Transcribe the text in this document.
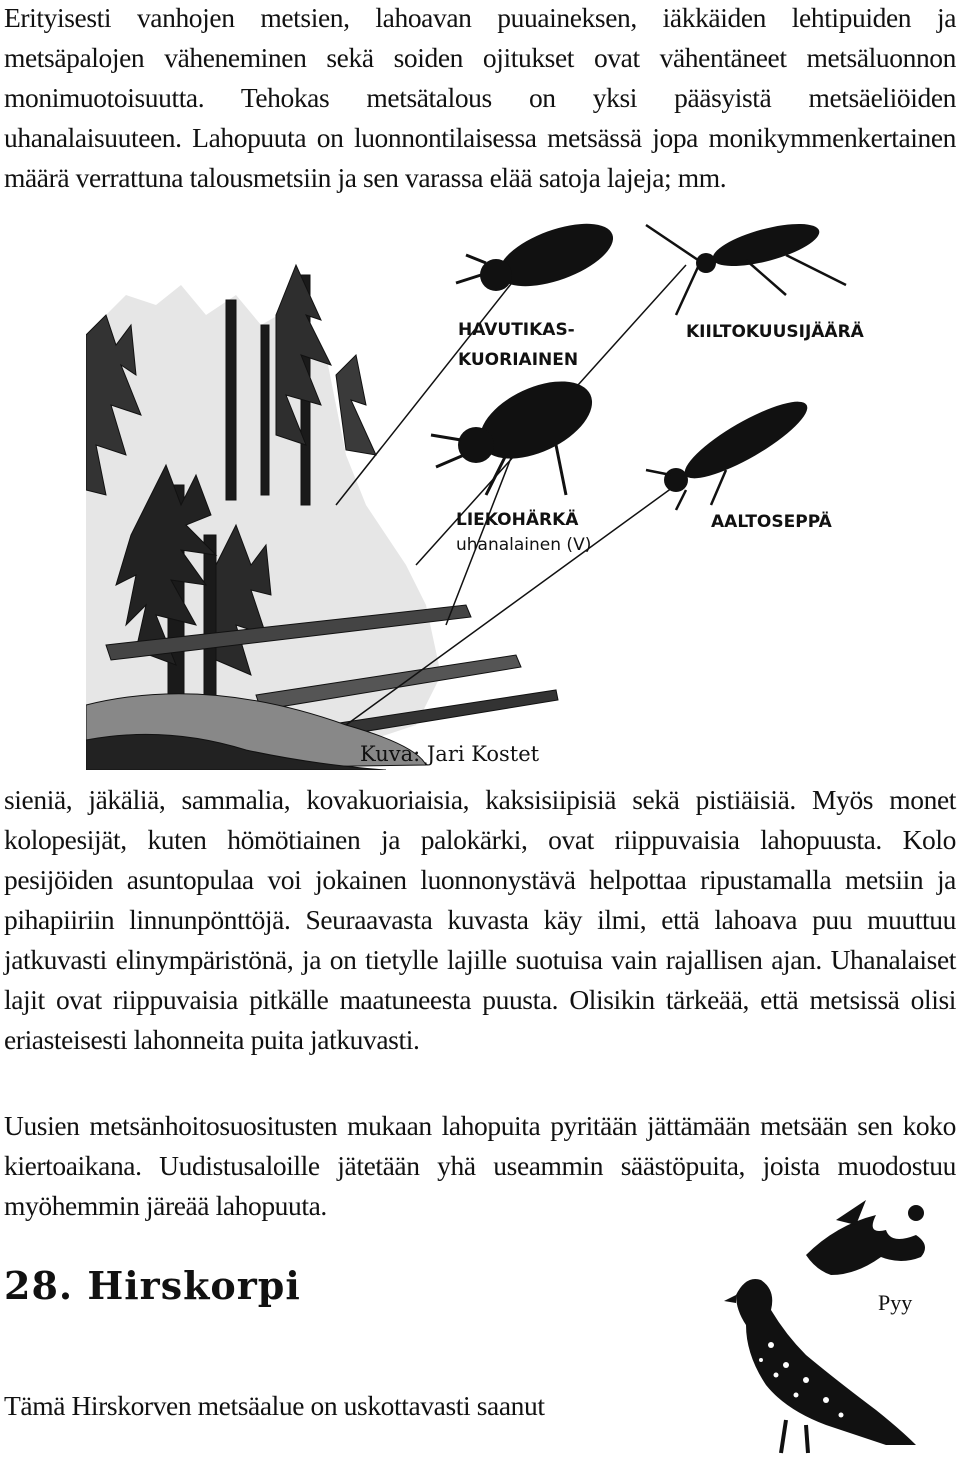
Erityisesti vanhojen metsien, lahoavan puuaineksen, iäkkäiden lehtipuiden ja metsäpalojen väheneminen sekä soiden ojitukset ovat vähentäneet metsäluonnon monimuotoisuutta. Tehokas metsätalous on yksi pääsyistä metsäeliöiden uhanalaisuuteen. Lahopuuta on luonnontilaisessa metsässä jopa monikymmenkertainen määrä verrattuna talousmetsiin ja sen varassa elää satoja lajeja; mm.

HAVUTIKAS-
KUORIAINEN
KIILTOKUUSIJÄÄRÄ
LIEKOHÄRKÄ
uhanalainen (V)
AALTOSEPPÄ
Kuva: Jari Kostet

sieniä, jäkäliä, sammalia, kovakuoriaisia, kaksisiipisiä sekä pistiäisiä. Myös monet kolopesijät, kuten hömötiainen ja palokärki, ovat riippuvaisia lahopuusta. Kolo pesijöiden asuntopulaa voi jokainen luonnonystävä helpottaa ripustamalla metsiin ja pihapiiriin linnunpönttöjä. Seuraavasta kuvasta käy ilmi, että lahoava puu muuttuu jatkuvasti elinympäristönä, ja on tietylle lajille suotuisa vain rajallisen ajan. Uhanalaiset lajit ovat riippuvaisia pitkälle maatuneesta puusta. Olisikin tärkeää, että metsissä olisi eriasteisesti lahonneita puita jatkuvasti.

Uusien metsänhoitosuositusten mukaan lahopuita pyritään jättämään metsään sen koko kiertoaikana. Uudistusaloille jätetään yhä useammin säästöpuita, joista muodostuu myöhemmin järeää lahopuuta.

28. Hirskorpi

Tämä Hirskorven metsäalue on uskottavasti saanut

Pyy
